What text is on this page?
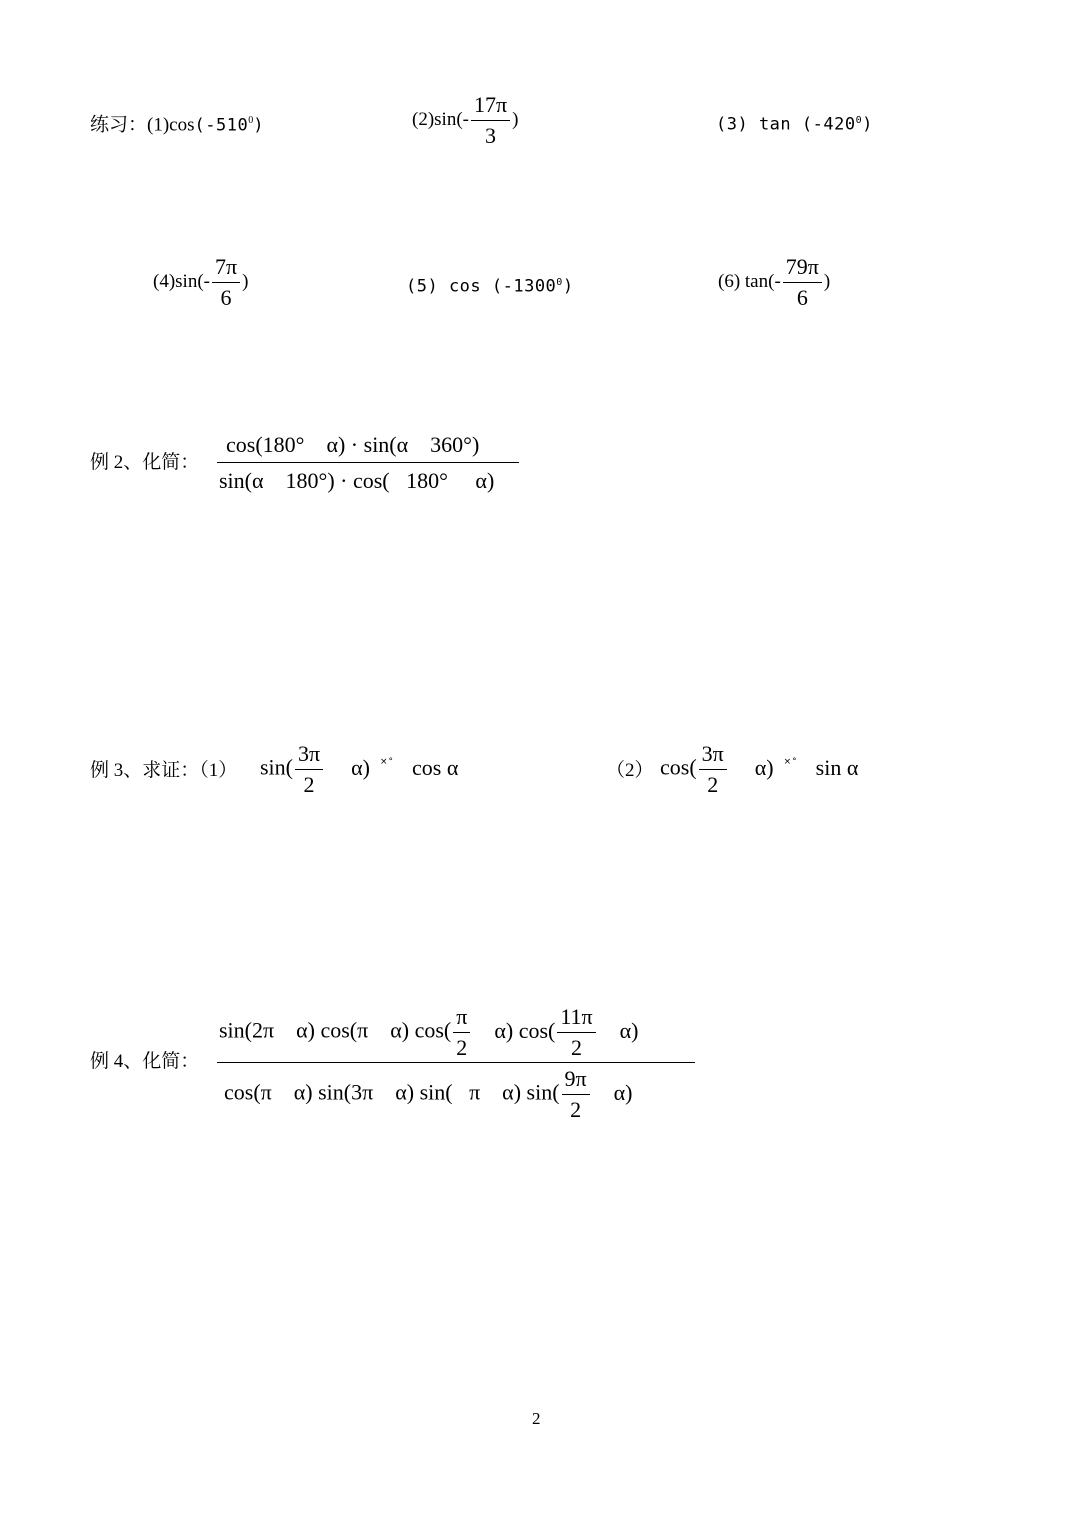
练习：$(1)\cos(-510^0)$	$(2)\sin(- \frac{17\pi}{3}$ )	(3) $\tan (-420^0)$
$(4)\sin(- \frac{7\pi}{6}$ )	(5) cos (-1300$^0$)	(6) $\tan(- \frac{79\pi}{6}$ )
例 2、化简：
cos(180°    α) · sin(α    360°)
sin(α    180°) · cos(   180°     α)
例 3、求证：（1） $\sin( \frac{3\pi}{2} \alpha)$ ×° cos α	（2） $\cos( \frac{3\pi}{2} \alpha)$ ×° sin α
例 4、化简：
sin(2π    α) cos(π    α) $\cos( \frac{\pi}{2} \alpha)$ $\cos( \frac{11\pi}{2} \alpha)$
cos(π    α) sin(3π    α) sin(   π    α) $\sin( \frac{9\pi}{2} \alpha)$
2
